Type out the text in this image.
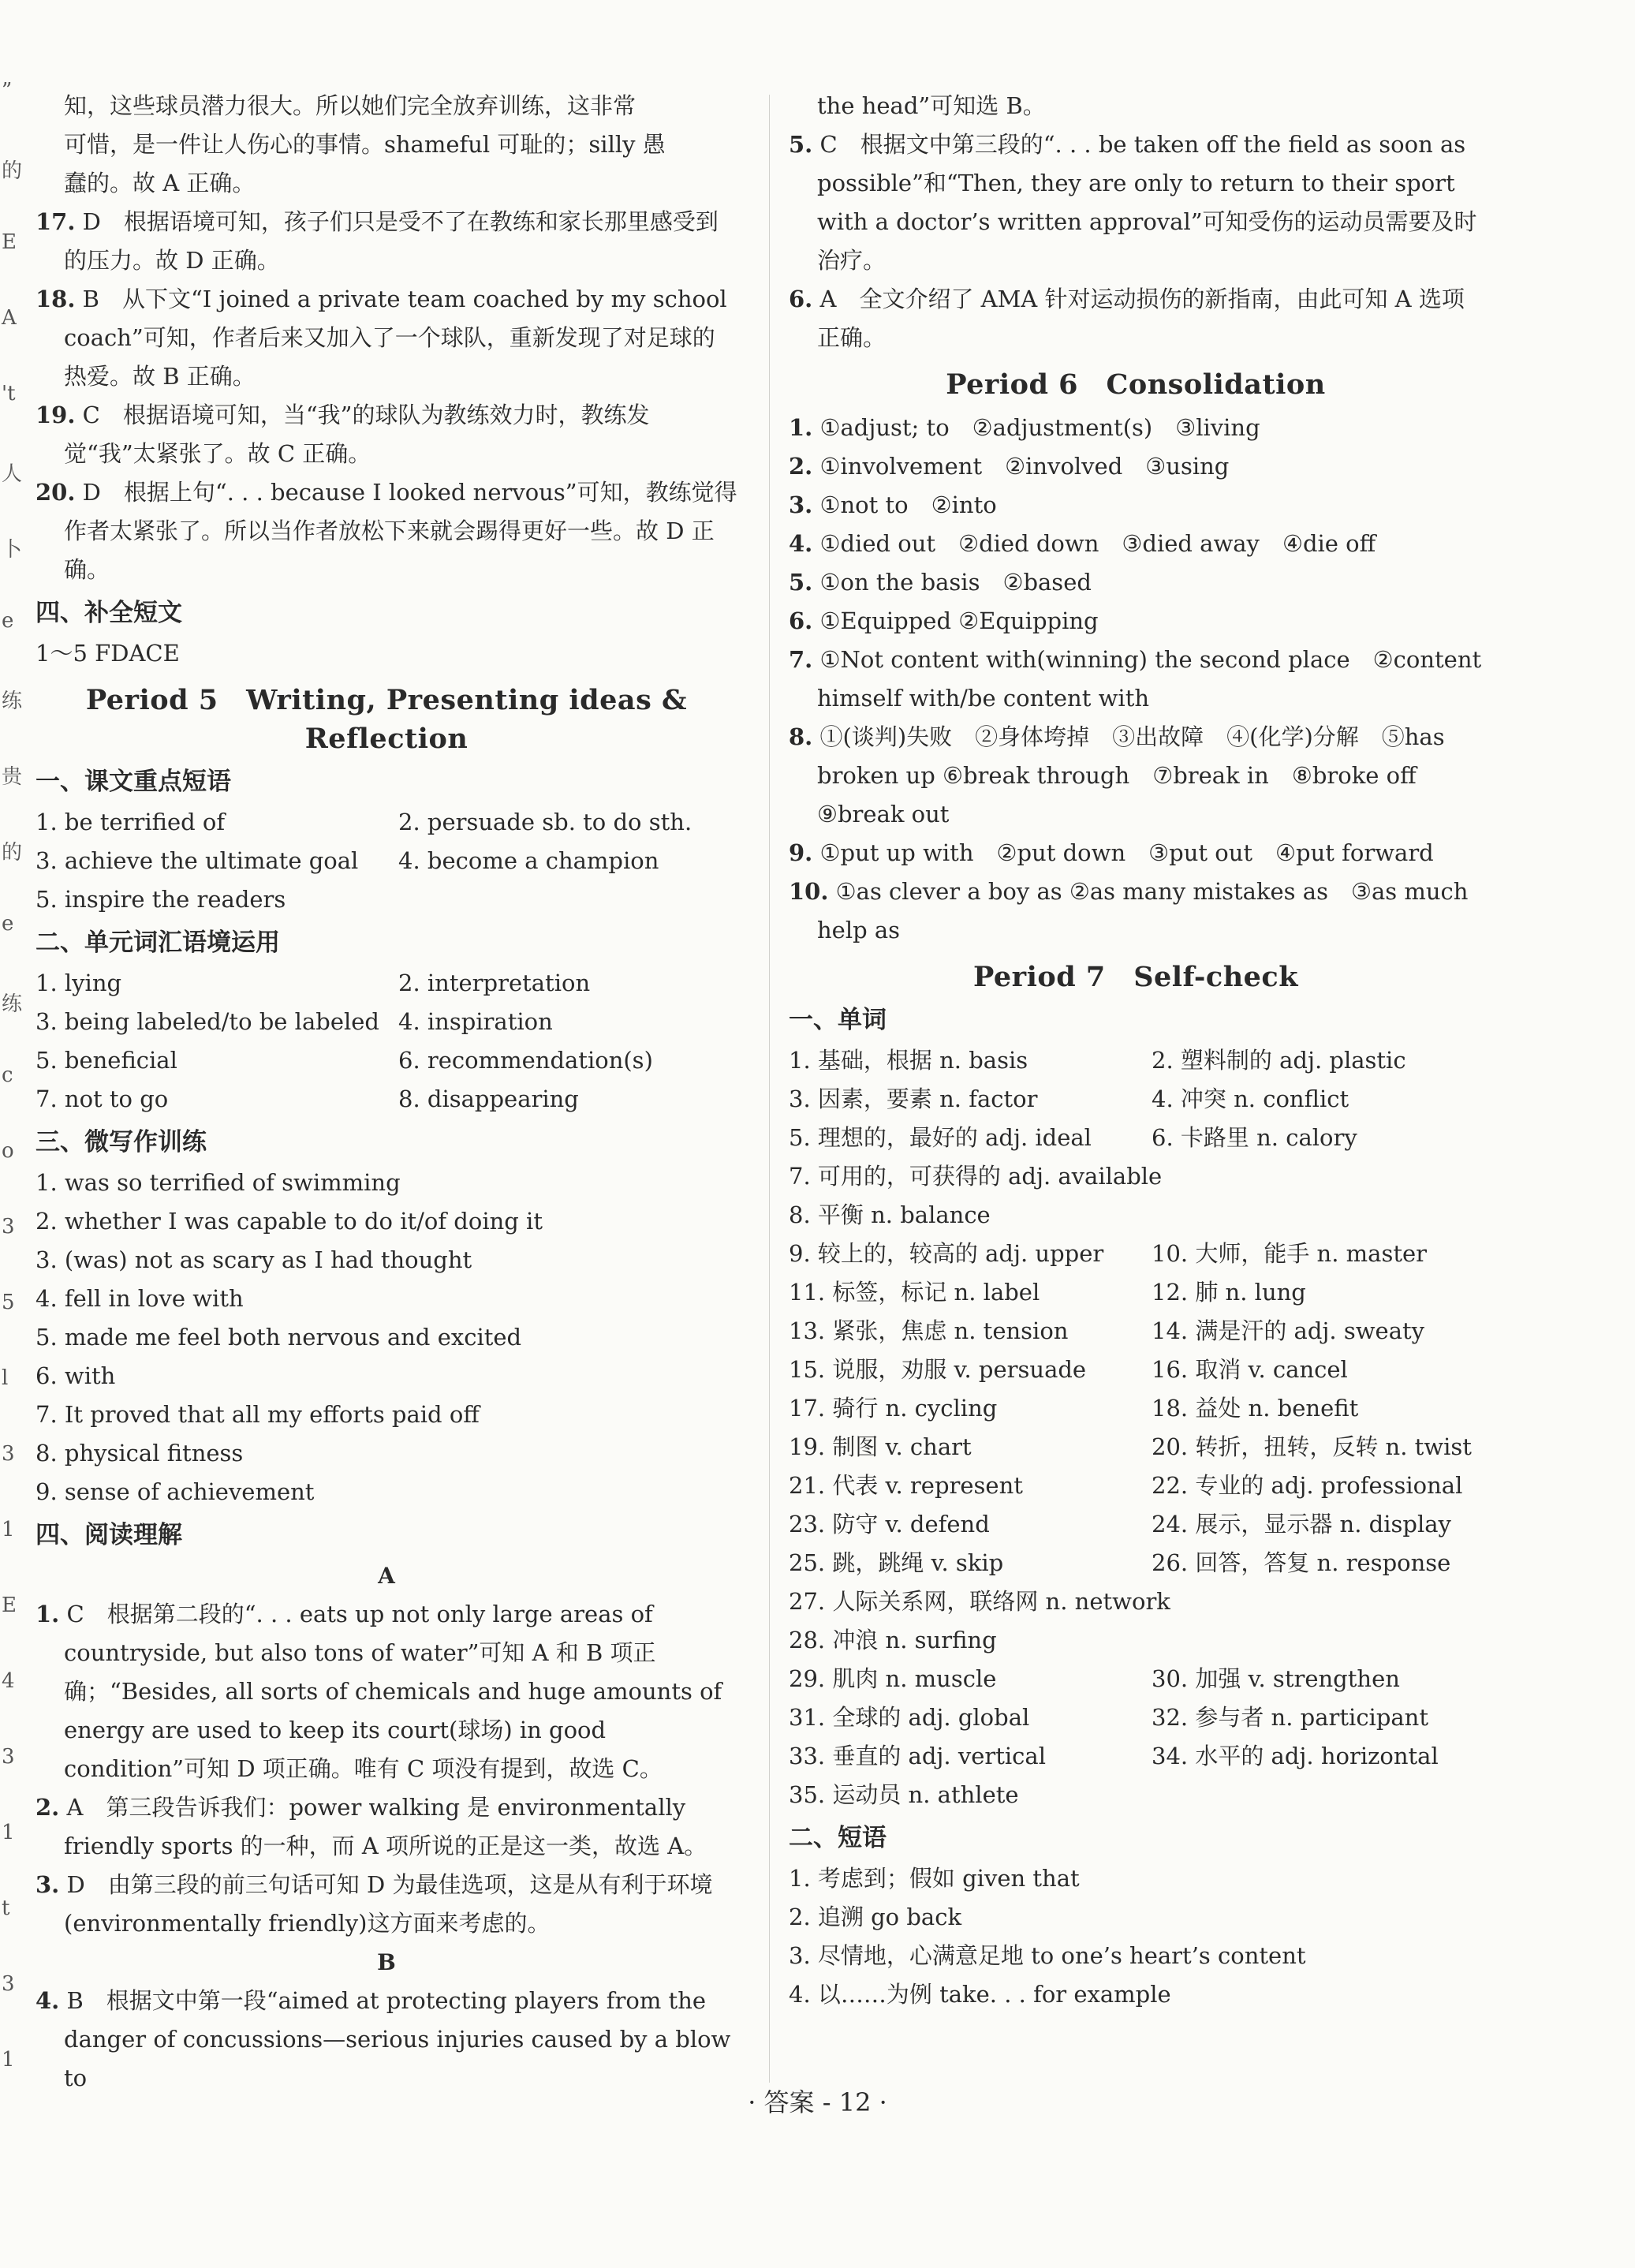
”
的
E
A
't
人
卜
e
练
贵
的
e
练
c
o
3
5
l
3
1
E
4
3
1
t
3
1

知，这些球员潜力很大。所以她们完全放弃训练，这非常

可惜，是一件让人伤心的事情。shameful 可耻的；silly 愚

蠢的。故 A 正确。

17. D　根据语境可知，孩子们只是受不了在教练和家长那里感受到的压力。故 D 正确。

18. B　从下文“I joined a private team coached by my school coach”可知，作者后来又加入了一个球队，重新发现了对足球的热爱。故 B 正确。

19. C　根据语境可知，当“我”的球队为教练效力时，教练发觉“我”太紧张了。故 C 正确。

20. D　根据上句“. . . because I looked nervous”可知，教练觉得作者太紧张了。所以当作者放松下来就会踢得更好一些。故 D 正确。

四、补全短文

1～5 FDACE

Period 5　Writing, Presenting ideas & Reflection

一、课文重点短语

1. be terrified of	2. persuade sb. to do sth.
3. achieve the ultimate goal	4. become a champion
5. inspire the readers

二、单元词汇语境运用

1. lying	2. interpretation
3. being labeled/to be labeled 4. inspiration
5. beneficial	6. recommendation(s)
7. not to go	8. disappearing

三、微写作训练

1. was so terrified of swimming

2. whether I was capable to do it/of doing it

3. (was) not as scary as I had thought

4. fell in love with

5. made me feel both nervous and excited

6. with

7. It proved that all my efforts paid off

8. physical fitness

9. sense of achievement

四、阅读理解

A

1. C　根据第二段的“. . . eats up not only large areas of countryside, but also tons of water”可知 A 和 B 项正确；“Besides, all sorts of chemicals and huge amounts of energy are used to keep its court(球场) in good condition”可知 D 项正确。唯有 C 项没有提到，故选 C。

2. A　第三段告诉我们：power walking 是 environmentally friendly sports 的一种，而 A 项所说的正是这一类，故选 A。

3. D　由第三段的前三句话可知 D 为最佳选项，这是从有利于环境(environmentally friendly)这方面来考虑的。

B

4. B　根据文中第一段“aimed at protecting players from the danger of concussions—serious injuries caused by a blow to

the head”可知选 B。

5. C　根据文中第三段的“. . . be taken off the field as soon as possible”和“Then, they are only to return to their sport with a doctor’s written approval”可知受伤的运动员需要及时治疗。

6. A　全文介绍了 AMA 针对运动损伤的新指南，由此可知 A 选项正确。

Period 6　Consolidation

1. ①adjust; to　②adjustment(s)　③living

2. ①involvement　②involved　③using

3. ①not to　②into

4. ①died out　②died down　③died away　④die off

5. ①on the basis　②based

6. ①Equipped ②Equipping

7. ①Not content with(winning) the second place　②content himself with/be content with

8. ①(谈判)失败　②身体垮掉　③出故障　④(化学)分解　⑤has broken up ⑥break through　⑦break in　⑧broke off　⑨break out

9. ①put up with　②put down　③put out　④put forward

10. ①as clever a boy as ②as many mistakes as　③as much help as

Period 7　Self-check

一、单词

1. 基础，根据 n. basis	2. 塑料制的 adj. plastic
3. 因素，要素 n. factor	4. 冲突 n. conflict
5. 理想的，最好的 adj. ideal	6. 卡路里 n. calory
7. 可用的，可获得的 adj. available
8. 平衡 n. balance
9. 较上的，较高的 adj. upper	10. 大师，能手 n. master
11. 标签，标记 n. label	12. 肺 n. lung
13. 紧张，焦虑 n. tension	14. 满是汗的 adj. sweaty
15. 说服，劝服 v. persuade	16. 取消 v. cancel
17. 骑行 n. cycling	18. 益处 n. benefit
19. 制图 v. chart	20. 转折，扭转，反转 n. twist
21. 代表 v. represent	22. 专业的 adj. professional
23. 防守 v. defend	24. 展示，显示器 n. display
25. 跳，跳绳 v. skip	26. 回答，答复 n. response
27. 人际关系网，联络网 n. network
28. 冲浪 n. surfing
29. 肌肉 n. muscle	30. 加强 v. strengthen
31. 全球的 adj. global	32. 参与者 n. participant
33. 垂直的 adj. vertical	34. 水平的 adj. horizontal
35. 运动员 n. athlete

二、短语

1. 考虑到；假如 given that

2. 追溯 go back

3. 尽情地，心满意足地 to one’s heart’s content

4. 以……为例 take. . . for example

· 答案 - 12 ·
